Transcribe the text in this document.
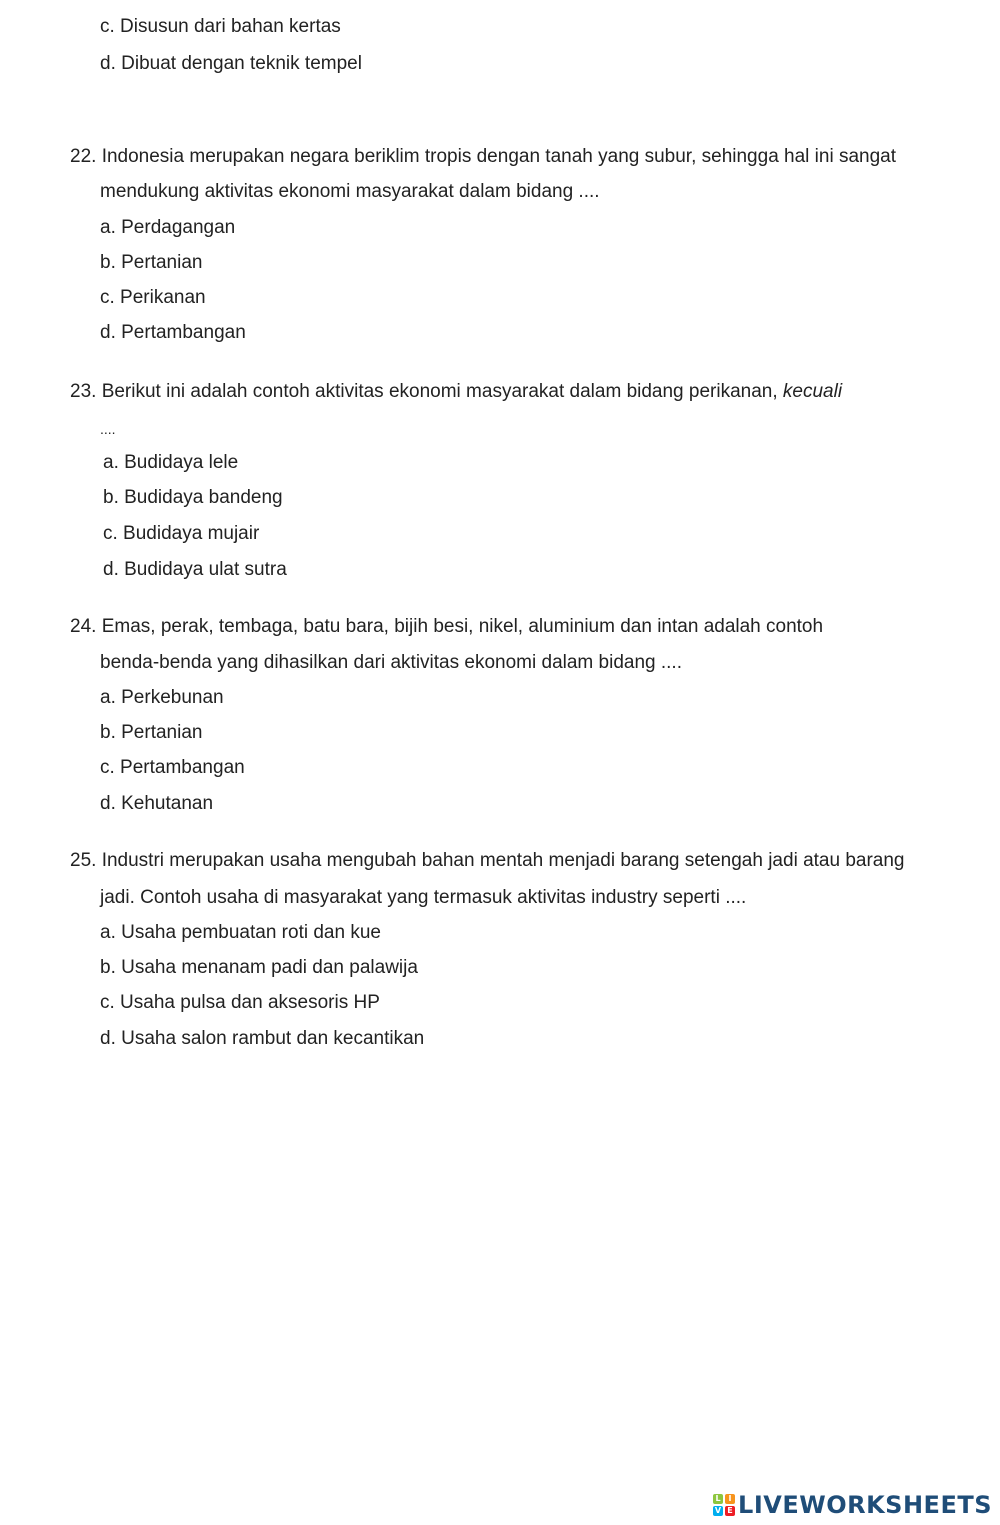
c. Disusun dari bahan kertas
d. Dibuat dengan teknik tempel
22. Indonesia merupakan negara beriklim tropis dengan tanah yang subur, sehingga hal ini sangat
mendukung aktivitas ekonomi masyarakat dalam bidang ....
a. Perdagangan
b. Pertanian
c. Perikanan
d. Pertambangan
23. Berikut ini adalah contoh aktivitas ekonomi masyarakat dalam bidang perikanan, kecuali
....
a. Budidaya lele
b. Budidaya bandeng
c. Budidaya mujair
d. Budidaya ulat sutra
24. Emas, perak, tembaga, batu bara, bijih besi, nikel, aluminium dan intan adalah contoh
benda-benda yang dihasilkan dari aktivitas ekonomi dalam bidang ....
a. Perkebunan
b. Pertanian
c. Pertambangan
d. Kehutanan
25. Industri merupakan usaha mengubah bahan mentah menjadi barang setengah jadi atau barang
jadi. Contoh usaha di masyarakat yang termasuk aktivitas industry seperti ....
a. Usaha pembuatan roti dan kue
b. Usaha menanam padi dan palawija
c. Usaha pulsa dan aksesoris HP
d. Usaha salon rambut dan kecantikan
L I
V E LIVEWORKSHEETS
